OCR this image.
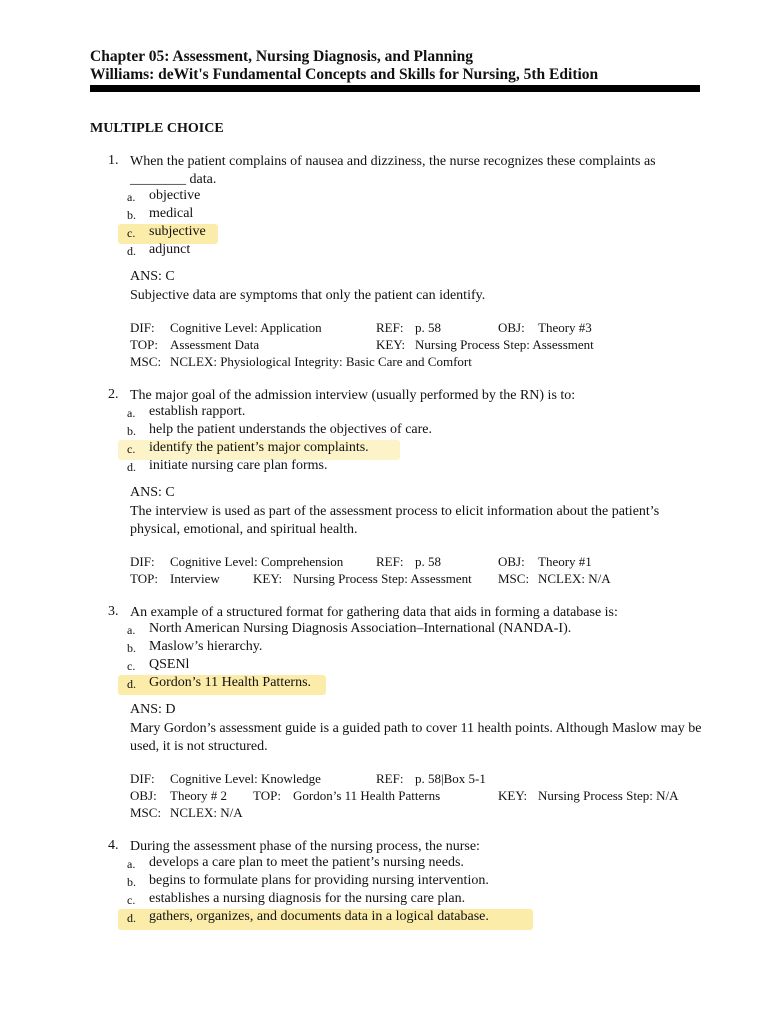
Chapter 05: Assessment, Nursing Diagnosis, and Planning
Williams: deWit's Fundamental Concepts and Skills for Nursing, 5th Edition
MULTIPLE CHOICE
1. When the patient complains of nausea and dizziness, the nurse recognizes these complaints as ________ data.
a. objective
b. medical
c. subjective
d. adjunct
ANS: C
Subjective data are symptoms that only the patient can identify.
DIF: Cognitive Level: Application	REF: p. 58	OBJ: Theory #3
TOP: Assessment Data	KEY: Nursing Process Step: Assessment
MSC: NCLEX: Physiological Integrity: Basic Care and Comfort
2. The major goal of the admission interview (usually performed by the RN) is to:
a. establish rapport.
b. help the patient understands the objectives of care.
c. identify the patient’s major complaints.
d. initiate nursing care plan forms.
ANS: C
The interview is used as part of the assessment process to elicit information about the patient’s physical, emotional, and spiritual health.
DIF: Cognitive Level: Comprehension	REF: p. 58	OBJ: Theory #1
TOP: Interview	KEY: Nursing Process Step: Assessment MSC: NCLEX: N/A
3. An example of a structured format for gathering data that aids in forming a database is:
a. North American Nursing Diagnosis Association–International (NANDA-I).
b. Maslow’s hierarchy.
c. QSENl
d. Gordon’s 11 Health Patterns.
ANS: D
Mary Gordon’s assessment guide is a guided path to cover 11 health points. Although Maslow may be used, it is not structured.
DIF: Cognitive Level: Knowledge	REF: p. 58|Box 5-1
OBJ: Theory # 2 TOP: Gordon’s 11 Health Patterns	KEY: Nursing Process Step: N/A
MSC: NCLEX: N/A
4. During the assessment phase of the nursing process, the nurse:
a. develops a care plan to meet the patient’s nursing needs.
b. begins to formulate plans for providing nursing intervention.
c. establishes a nursing diagnosis for the nursing care plan.
d. gathers, organizes, and documents data in a logical database.
